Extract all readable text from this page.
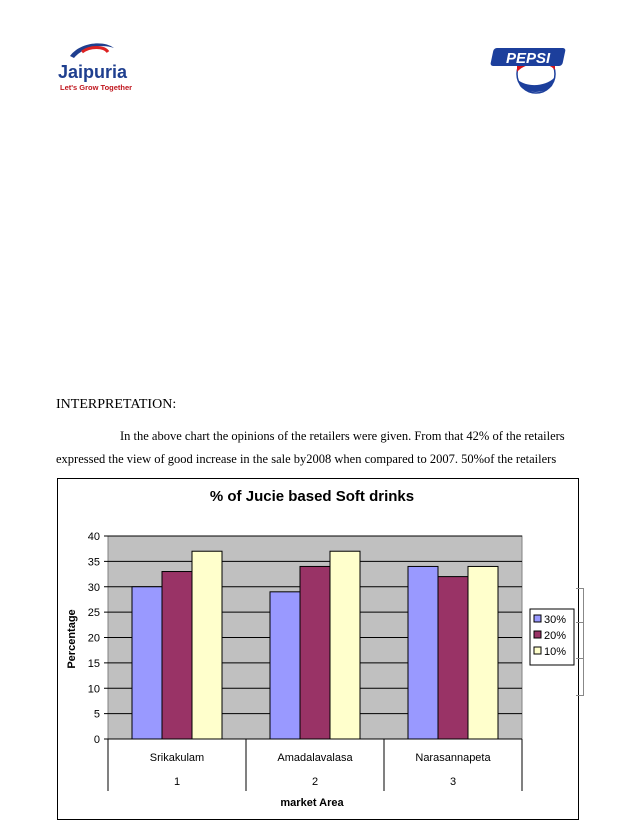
Jaipuria
Let's Grow Together
PEPSI
INTERPRETATION:
In the above chart the opinions of the retailers were given. From that 42% of the retailers
expressed the view of good increase in the sale by2008 when compared to 2007. 50%of the retailers
% of Jucie based Soft drinks
0
5
10
15
20
25
30
35
40
Srikakulam
1
Amadalavalasa
2
Narasannapeta
3
market Area
Percentage	30%
20%
10%
